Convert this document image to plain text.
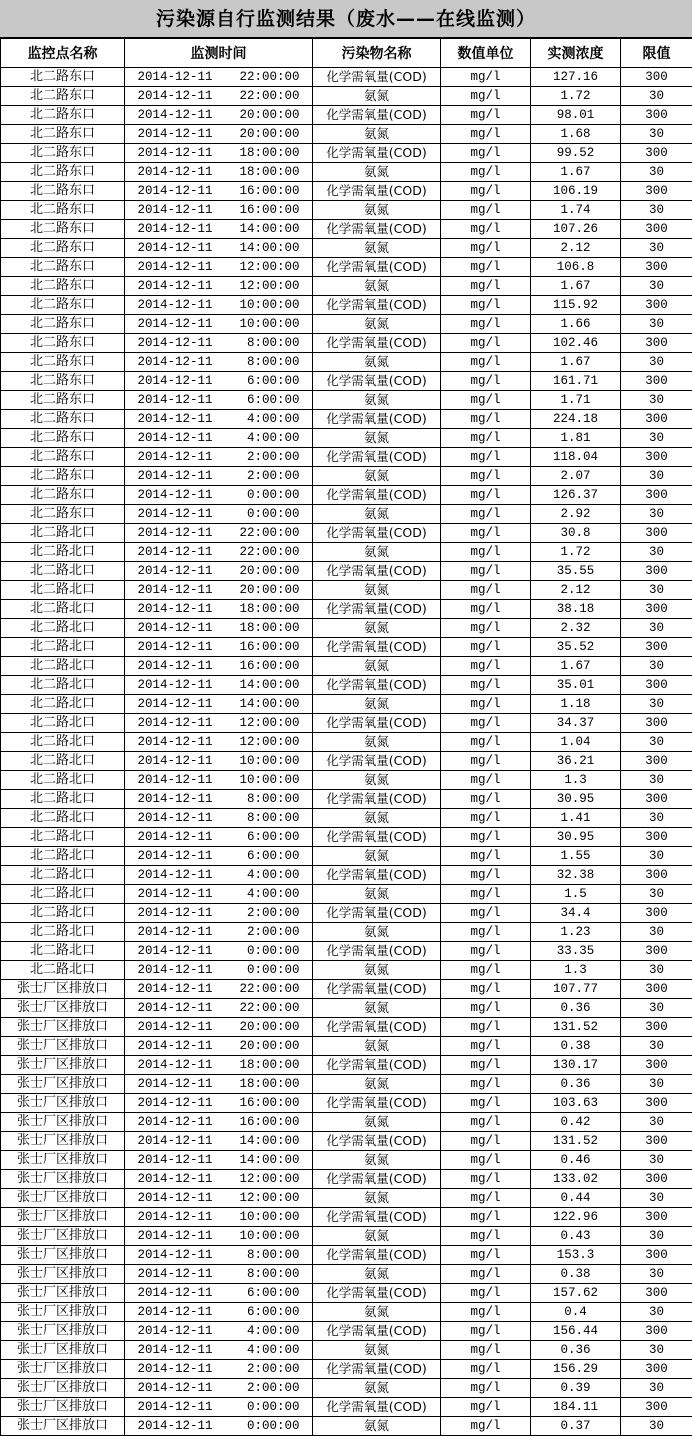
污染源自行监测结果（废水——在线监测）
监控点名称	监测时间	污染物名称	数值单位	实测浓度	限值
北二路东口	2014-12-11 22:00:00	化学需氧量(COD)	mg/l	127.16	300
北二路东口	2014-12-11 22:00:00	氨氮	mg/l	1.72	30
北二路东口	2014-12-11 20:00:00	化学需氧量(COD)	mg/l	98.01	300
北二路东口	2014-12-11 20:00:00	氨氮	mg/l	1.68	30
北二路东口	2014-12-11 18:00:00	化学需氧量(COD)	mg/l	99.52	300
北二路东口	2014-12-11 18:00:00	氨氮	mg/l	1.67	30
北二路东口	2014-12-11 16:00:00	化学需氧量(COD)	mg/l	106.19	300
北二路东口	2014-12-11 16:00:00	氨氮	mg/l	1.74	30
北二路东口	2014-12-11 14:00:00	化学需氧量(COD)	mg/l	107.26	300
北二路东口	2014-12-11 14:00:00	氨氮	mg/l	2.12	30
北二路东口	2014-12-11 12:00:00	化学需氧量(COD)	mg/l	106.8	300
北二路东口	2014-12-11 12:00:00	氨氮	mg/l	1.67	30
北二路东口	2014-12-11 10:00:00	化学需氧量(COD)	mg/l	115.92	300
北二路东口	2014-12-11 10:00:00	氨氮	mg/l	1.66	30
北二路东口	2014-12-11 8:00:00	化学需氧量(COD)	mg/l	102.46	300
北二路东口	2014-12-11 8:00:00	氨氮	mg/l	1.67	30
北二路东口	2014-12-11 6:00:00	化学需氧量(COD)	mg/l	161.71	300
北二路东口	2014-12-11 6:00:00	氨氮	mg/l	1.71	30
北二路东口	2014-12-11 4:00:00	化学需氧量(COD)	mg/l	224.18	300
北二路东口	2014-12-11 4:00:00	氨氮	mg/l	1.81	30
北二路东口	2014-12-11 2:00:00	化学需氧量(COD)	mg/l	118.04	300
北二路东口	2014-12-11 2:00:00	氨氮	mg/l	2.07	30
北二路东口	2014-12-11 0:00:00	化学需氧量(COD)	mg/l	126.37	300
北二路东口	2014-12-11 0:00:00	氨氮	mg/l	2.92	30
北二路北口	2014-12-11 22:00:00	化学需氧量(COD)	mg/l	30.8	300
北二路北口	2014-12-11 22:00:00	氨氮	mg/l	1.72	30
北二路北口	2014-12-11 20:00:00	化学需氧量(COD)	mg/l	35.55	300
北二路北口	2014-12-11 20:00:00	氨氮	mg/l	2.12	30
北二路北口	2014-12-11 18:00:00	化学需氧量(COD)	mg/l	38.18	300
北二路北口	2014-12-11 18:00:00	氨氮	mg/l	2.32	30
北二路北口	2014-12-11 16:00:00	化学需氧量(COD)	mg/l	35.52	300
北二路北口	2014-12-11 16:00:00	氨氮	mg/l	1.67	30
北二路北口	2014-12-11 14:00:00	化学需氧量(COD)	mg/l	35.01	300
北二路北口	2014-12-11 14:00:00	氨氮	mg/l	1.18	30
北二路北口	2014-12-11 12:00:00	化学需氧量(COD)	mg/l	34.37	300
北二路北口	2014-12-11 12:00:00	氨氮	mg/l	1.04	30
北二路北口	2014-12-11 10:00:00	化学需氧量(COD)	mg/l	36.21	300
北二路北口	2014-12-11 10:00:00	氨氮	mg/l	1.3	30
北二路北口	2014-12-11 8:00:00	化学需氧量(COD)	mg/l	30.95	300
北二路北口	2014-12-11 8:00:00	氨氮	mg/l	1.41	30
北二路北口	2014-12-11 6:00:00	化学需氧量(COD)	mg/l	30.95	300
北二路北口	2014-12-11 6:00:00	氨氮	mg/l	1.55	30
北二路北口	2014-12-11 4:00:00	化学需氧量(COD)	mg/l	32.38	300
北二路北口	2014-12-11 4:00:00	氨氮	mg/l	1.5	30
北二路北口	2014-12-11 2:00:00	化学需氧量(COD)	mg/l	34.4	300
北二路北口	2014-12-11 2:00:00	氨氮	mg/l	1.23	30
北二路北口	2014-12-11 0:00:00	化学需氧量(COD)	mg/l	33.35	300
北二路北口	2014-12-11 0:00:00	氨氮	mg/l	1.3	30
张士厂区排放口	2014-12-11 22:00:00	化学需氧量(COD)	mg/l	107.77	300
张士厂区排放口	2014-12-11 22:00:00	氨氮	mg/l	0.36	30
张士厂区排放口	2014-12-11 20:00:00	化学需氧量(COD)	mg/l	131.52	300
张士厂区排放口	2014-12-11 20:00:00	氨氮	mg/l	0.38	30
张士厂区排放口	2014-12-11 18:00:00	化学需氧量(COD)	mg/l	130.17	300
张士厂区排放口	2014-12-11 18:00:00	氨氮	mg/l	0.36	30
张士厂区排放口	2014-12-11 16:00:00	化学需氧量(COD)	mg/l	103.63	300
张士厂区排放口	2014-12-11 16:00:00	氨氮	mg/l	0.42	30
张士厂区排放口	2014-12-11 14:00:00	化学需氧量(COD)	mg/l	131.52	300
张士厂区排放口	2014-12-11 14:00:00	氨氮	mg/l	0.46	30
张士厂区排放口	2014-12-11 12:00:00	化学需氧量(COD)	mg/l	133.02	300
张士厂区排放口	2014-12-11 12:00:00	氨氮	mg/l	0.44	30
张士厂区排放口	2014-12-11 10:00:00	化学需氧量(COD)	mg/l	122.96	300
张士厂区排放口	2014-12-11 10:00:00	氨氮	mg/l	0.43	30
张士厂区排放口	2014-12-11 8:00:00	化学需氧量(COD)	mg/l	153.3	300
张士厂区排放口	2014-12-11 8:00:00	氨氮	mg/l	0.38	30
张士厂区排放口	2014-12-11 6:00:00	化学需氧量(COD)	mg/l	157.62	300
张士厂区排放口	2014-12-11 6:00:00	氨氮	mg/l	0.4	30
张士厂区排放口	2014-12-11 4:00:00	化学需氧量(COD)	mg/l	156.44	300
张士厂区排放口	2014-12-11 4:00:00	氨氮	mg/l	0.36	30
张士厂区排放口	2014-12-11 2:00:00	化学需氧量(COD)	mg/l	156.29	300
张士厂区排放口	2014-12-11 2:00:00	氨氮	mg/l	0.39	30
张士厂区排放口	2014-12-11 0:00:00	化学需氧量(COD)	mg/l	184.11	300
张士厂区排放口	2014-12-11 0:00:00	氨氮	mg/l	0.37	30
